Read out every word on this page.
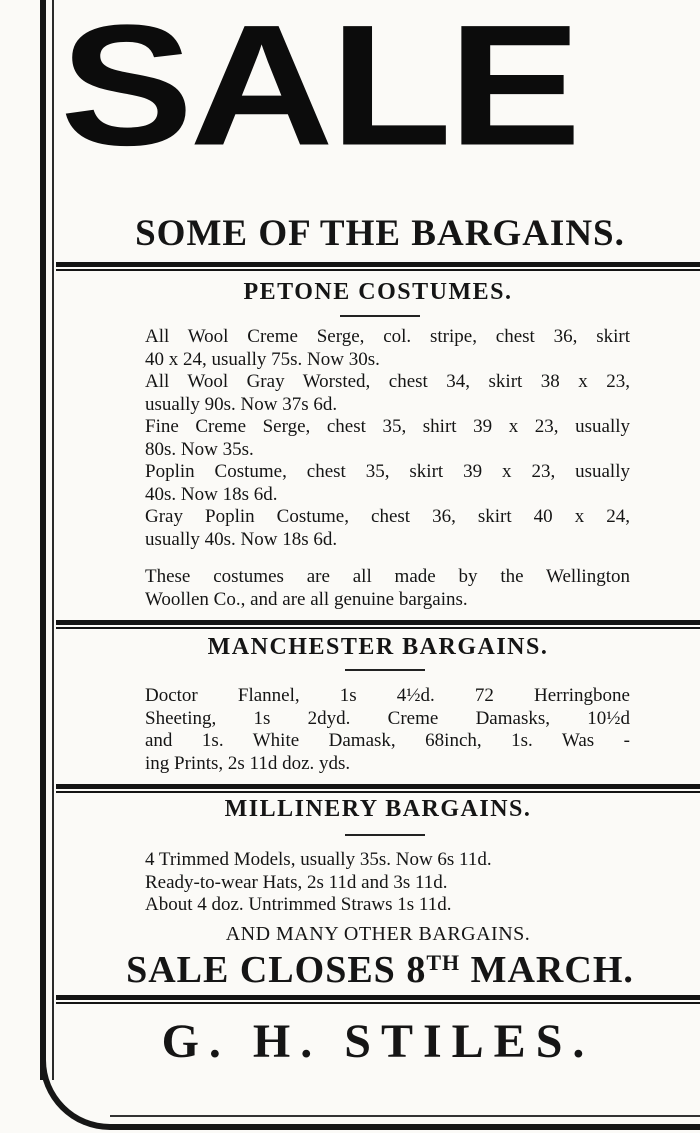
SALE
SOME OF THE BARGAINS.
PETONE COSTUMES.
All Wool Creme Serge, col. stripe, chest 36, skirt
40 x 24, usually 75s. Now 30s.
All Wool Gray Worsted, chest 34, skirt 38 x 23,
usually 90s. Now 37s 6d.
Fine Creme Serge, chest 35, shirt 39 x 23, usually
80s. Now 35s.
Poplin Costume, chest 35, skirt 39 x 23, usually
40s. Now 18s 6d.
Gray Poplin Costume, chest 36, skirt 40 x 24,
usually 40s. Now 18s 6d.
These costumes are all made by the Wellington
Woollen Co., and are all genuine bargains.
MANCHESTER BARGAINS.
Doctor Flannel, 1s 4½d. 72 Herringbone
Sheeting, 1s 2dyd. Creme Damasks, 10½d
and 1s. White Damask, 68inch, 1s. Was -
ing Prints, 2s 11d doz. yds.
MILLINERY BARGAINS.
4 Trimmed Models, usually 35s. Now 6s 11d.
Ready-to-wear Hats, 2s 11d and 3s 11d.
About 4 doz. Untrimmed Straws 1s 11d.
AND MANY OTHER BARGAINS.
SALE CLOSES 8TH MARCH.
G. H. STILES.
